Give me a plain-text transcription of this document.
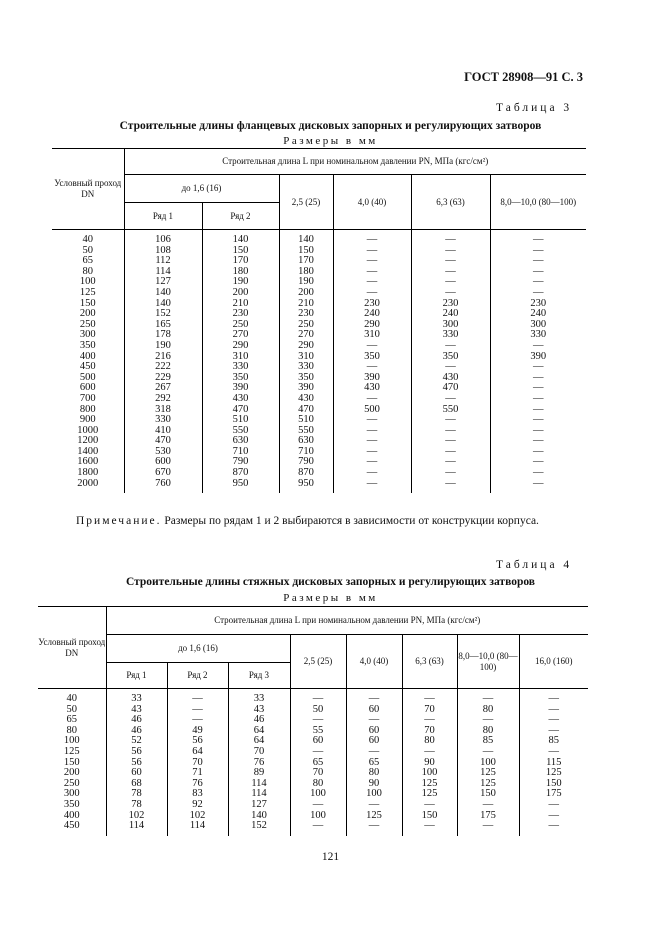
ГОСТ 28908—91 С. 3
Таблица 3
Строительные длины фланцевых дисковых запорных и регулирующих затворов
Размеры в мм
Условный проход DN	Строительная длина L при номинальном давлении PN, МПа (кгс/см²)					
	до 1,6 (16)		2,5 (25)	4,0 (40)	6,3 (63)	8,0—10,0 (80—100)
	Ряд 1	Ряд 2				

40	106	140	140	—	—	—
50	108	150	150	—	—	—
65	112	170	170	—	—	—
80	114	180	180	—	—	—
100	127	190	190	—	—	—
125	140	200	200	—	—	—
150	140	210	210	230	230	230
200	152	230	230	240	240	240
250	165	250	250	290	300	300
300	178	270	270	310	330	330
350	190	290	290	—	—	—
400	216	310	310	350	350	390
450	222	330	330	—	—	—
500	229	350	350	390	430	—
600	267	390	390	430	470	—
700	292	430	430	—	—	—
800	318	470	470	500	550	—
900	330	510	510	—	—	—
1000	410	550	550	—	—	—
1200	470	630	630	—	—	—
1400	530	710	710	—	—	—
1600	600	790	790	—	—	—
1800	670	870	870	—	—	—
2000	760	950	950	—	—	—

Примечание. Размеры по рядам 1 и 2 выбираются в зависимости от конструкции корпуса.
Таблица 4
Строительные длины стяжных дисковых запорных и регулирующих затворов
Размеры в мм
Условный проход DN	Строительная длина L при номинальном давлении PN, МПа (кгс/см²)							
	до 1,6 (16)			2,5 (25)	4,0 (40)	6,3 (63)	8,0—10,0 (80—100)	16,0 (160)
	Ряд 1	Ряд 2	Ряд 3					

40	33	—	33	—	—	—	—	—
50	43	—	43	50	60	70	80	—
65	46	—	46	—	—	—	—	—
80	46	49	64	55	60	70	80	—
100	52	56	64	60	60	80	85	85
125	56	64	70	—	—	—	—	—
150	56	70	76	65	65	90	100	115
200	60	71	89	70	80	100	125	125
250	68	76	114	80	90	125	125	150
300	78	83	114	100	100	125	150	175
350	78	92	127	—	—	—	—	—
400	102	102	140	100	125	150	175	—
450	114	114	152	—	—	—	—	—

121
